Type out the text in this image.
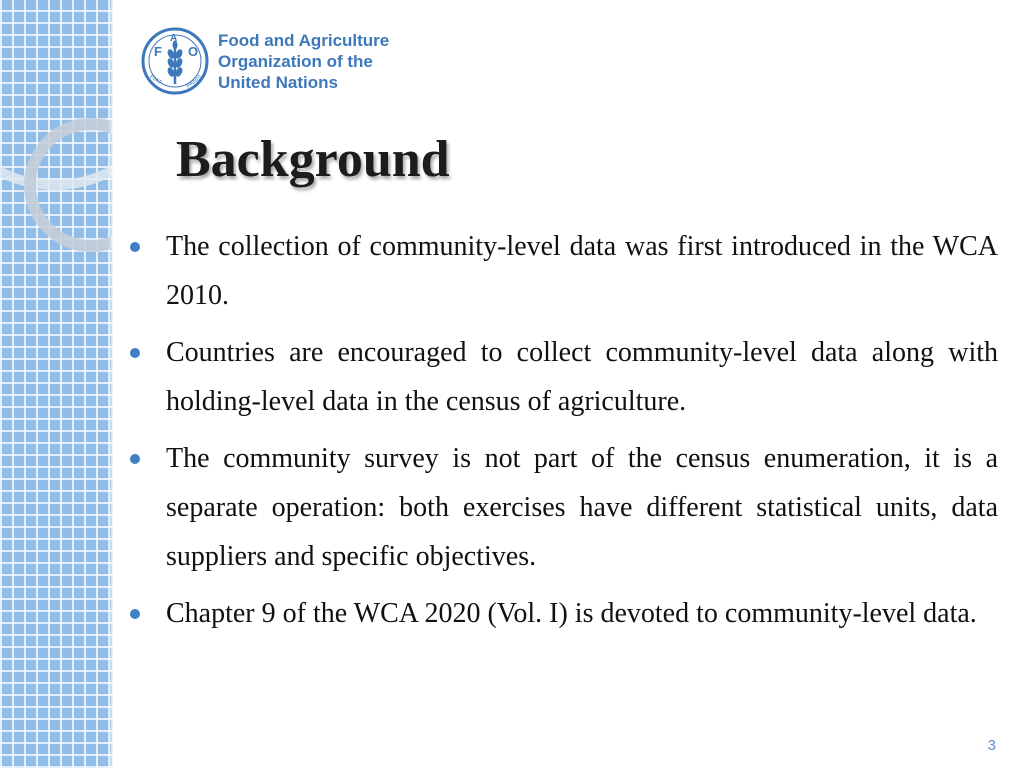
F
A
O
FIAT	PANIS
Food and Agriculture
Organization of the
United Nations
Background
The collection of community-level data was first introduced in the WCA 2010.
Countries are encouraged to collect community-level data along with holding-level data in the census of agriculture.
The community survey is not part of the census enumeration, it is a separate operation: both exercises have different statistical units, data suppliers and specific objectives.
Chapter 9 of the WCA 2020 (Vol. I) is devoted to community-level data.
3
